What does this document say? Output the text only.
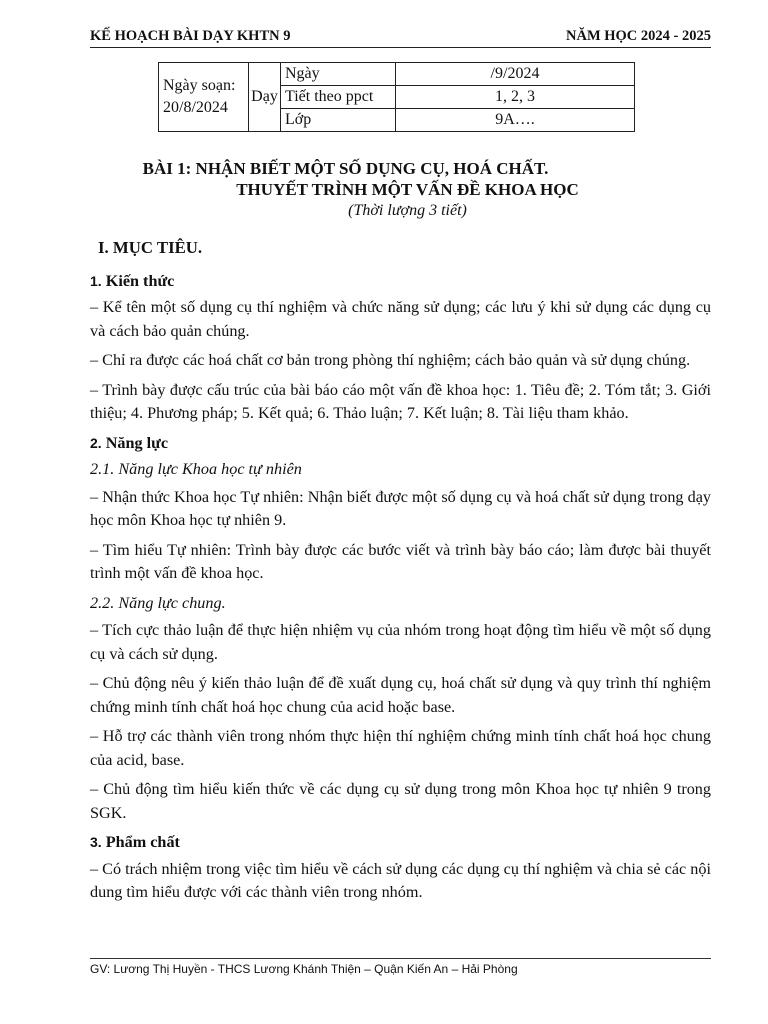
KẾ HOẠCH BÀI DẠY KHTN 9	NĂM HỌC 2024 - 2025
Ngày soạn:
20/8/2024	Dạy	Ngày	/9/2024
		Tiết theo ppct	1, 2, 3
		Lớp	9A….
BÀI 1: NHẬN BIẾT MỘT SỐ DỤNG CỤ, HOÁ CHẤT.
THUYẾT TRÌNH MỘT VẤN ĐỀ KHOA HỌC
(Thời lượng 3 tiết)
I. MỤC TIÊU.
1. Kiến thức
– Kể tên một số dụng cụ thí nghiệm và chức năng sử dụng; các lưu ý khi sử dụng các dụng cụ và cách bảo quản chúng.
– Chỉ ra được các hoá chất cơ bản trong phòng thí nghiệm; cách bảo quản và sử dụng chúng.
– Trình bày được cấu trúc của bài báo cáo một vấn đề khoa học: 1. Tiêu đề; 2. Tóm tắt; 3. Giới thiệu; 4. Phương pháp; 5. Kết quả; 6. Thảo luận; 7. Kết luận; 8. Tài liệu tham khảo.
2. Năng lực
2.1. Năng lực Khoa học tự nhiên
– Nhận thức Khoa học Tự nhiên: Nhận biết được một số dụng cụ và hoá chất sử dụng trong dạy học môn Khoa học tự nhiên 9.
– Tìm hiểu Tự nhiên: Trình bày được các bước viết và trình bày báo cáo; làm được bài thuyết trình một vấn đề khoa học.
2.2. Năng lực chung.
– Tích cực thảo luận để thực hiện nhiệm vụ của nhóm trong hoạt động tìm hiểu về một số dụng cụ và cách sử dụng.
– Chủ động nêu ý kiến thảo luận để đề xuất dụng cụ, hoá chất sử dụng và quy trình thí nghiệm chứng minh tính chất hoá học chung của acid hoặc base.
– Hỗ trợ các thành viên trong nhóm thực hiện thí nghiệm chứng minh tính chất hoá học chung của acid, base.
– Chủ động tìm hiểu kiến thức về các dụng cụ sử dụng trong môn Khoa học tự nhiên 9 trong SGK.
3. Phẩm chất
– Có trách nhiệm trong việc tìm hiểu về cách sử dụng các dụng cụ thí nghiệm và chia sẻ các nội dung tìm hiểu được với các thành viên trong nhóm.
GV: Lương Thị Huyền - THCS Lương Khánh Thiện – Quận Kiến An – Hải Phòng
